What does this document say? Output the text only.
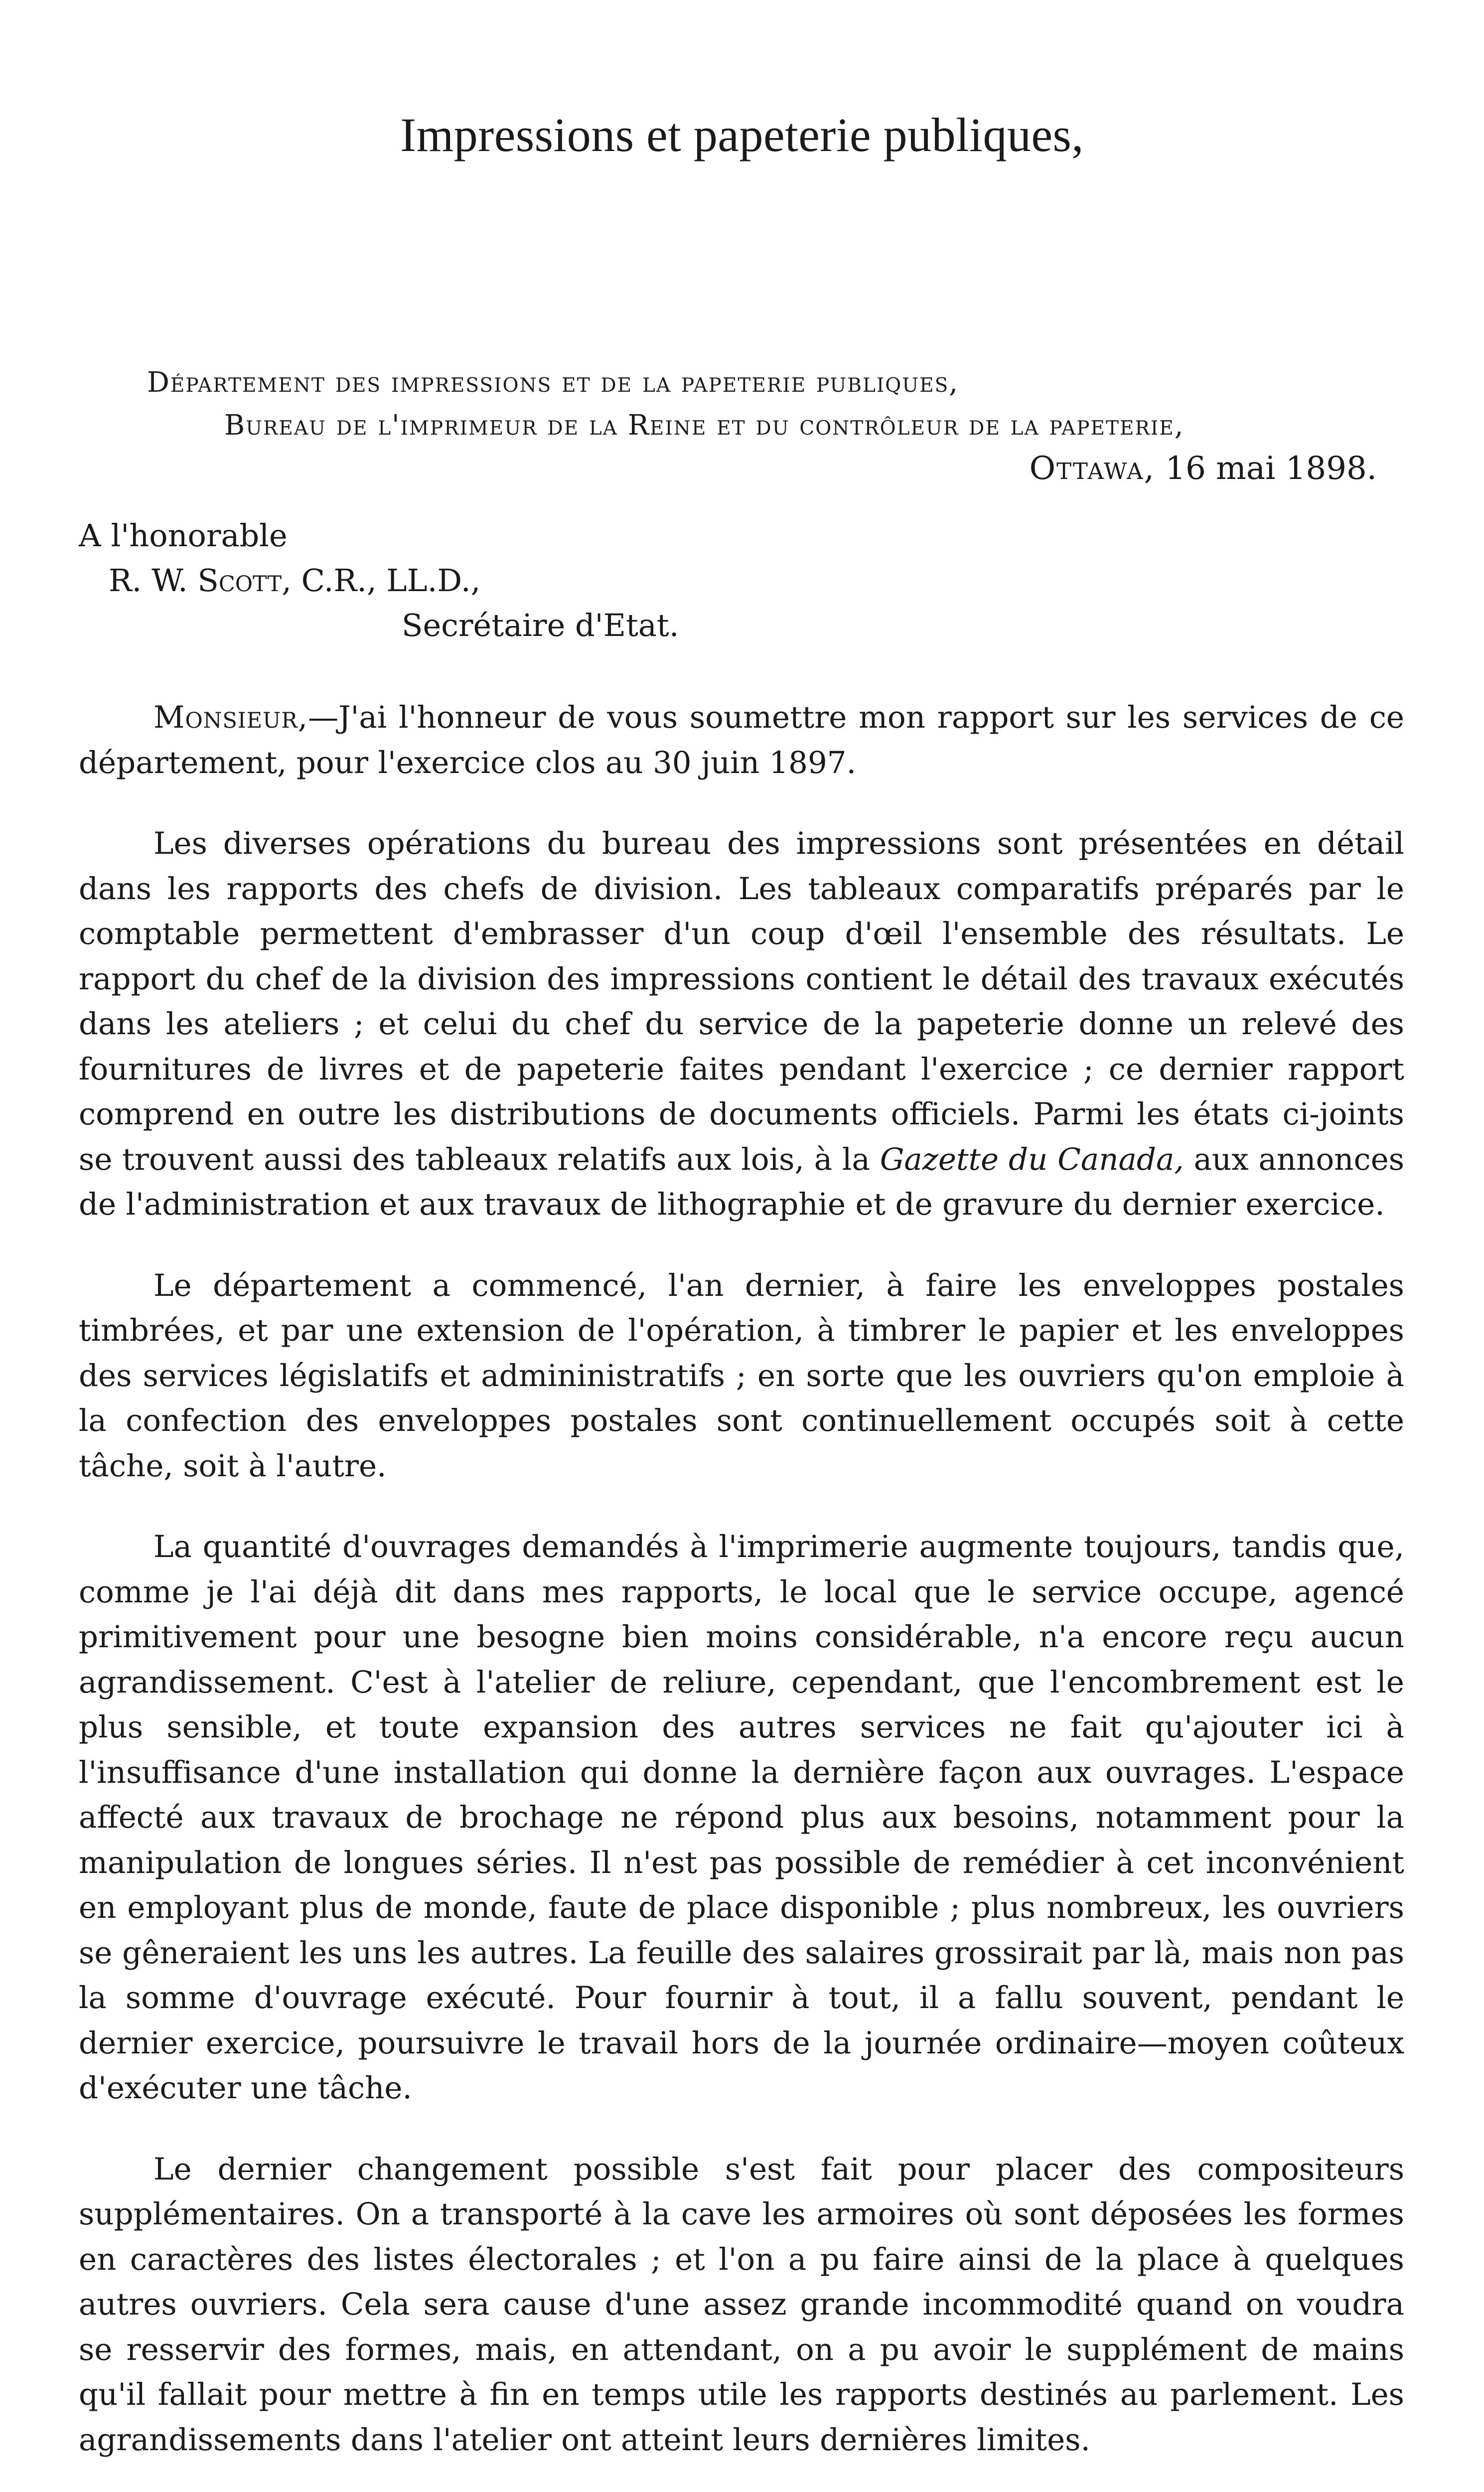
Impressions et papeterie publiques,
Département des impressions et de la papeterie publiques,
Bureau de l'imprimeur de la Reine et du contrôleur de la papeterie,
Ottawa, 16 mai 1898.
A l'honorable
R. W. Scott, C.R., LL.D.,
Secrétaire d'Etat.

Monsieur,—J'ai l'honneur de vous soumettre mon rapport sur les services de ce département, pour l'exercice clos au 30 juin 1897.

Les diverses opérations du bureau des impressions sont présentées en détail dans les rapports des chefs de division. Les tableaux comparatifs préparés par le comptable permettent d'embrasser d'un coup d'œil l'ensemble des résultats. Le rapport du chef de la division des impressions contient le détail des travaux exécutés dans les ateliers ; et celui du chef du service de la papeterie donne un relevé des fournitures de livres et de papeterie faites pendant l'exercice ; ce dernier rapport comprend en outre les distributions de documents officiels. Parmi les états ci-joints se trouvent aussi des tableaux relatifs aux lois, à la Gazette du Canada, aux annonces de l'administration et aux travaux de lithographie et de gravure du dernier exercice.

Le département a commencé, l'an dernier, à faire les enveloppes postales timbrées, et par une extension de l'opération, à timbrer le papier et les enveloppes des services législatifs et admininistratifs ; en sorte que les ouvriers qu'on emploie à la confection des enveloppes postales sont continuellement occupés soit à cette tâche, soit à l'autre.

La quantité d'ouvrages demandés à l'imprimerie augmente toujours, tandis que, comme je l'ai déjà dit dans mes rapports, le local que le service occupe, agencé primitivement pour une besogne bien moins considérable, n'a encore reçu aucun agrandissement. C'est à l'atelier de reliure, cependant, que l'encombrement est le plus sensible, et toute expansion des autres services ne fait qu'ajouter ici à l'insuffisance d'une installation qui donne la dernière façon aux ouvrages. L'espace affecté aux travaux de brochage ne répond plus aux besoins, notamment pour la manipulation de longues séries. Il n'est pas possible de remédier à cet inconvénient en employant plus de monde, faute de place disponible ; plus nombreux, les ouvriers se gêneraient les uns les autres. La feuille des salaires grossirait par là, mais non pas la somme d'ouvrage exécuté. Pour fournir à tout, il a fallu souvent, pendant le dernier exercice, poursuivre le travail hors de la journée ordinaire—moyen coûteux d'exécuter une tâche.

Le dernier changement possible s'est fait pour placer des compositeurs supplémentaires. On a transporté à la cave les armoires où sont déposées les formes en caractères des listes électorales ; et l'on a pu faire ainsi de la place à quelques autres ouvriers. Cela sera cause d'une assez grande incommodité quand on voudra se resservir des formes, mais, en attendant, on a pu avoir le supplément de mains qu'il fallait pour mettre à fin en temps utile les rapports destinés au parlement. Les agrandissements dans l'atelier ont atteint leurs dernières limites.
